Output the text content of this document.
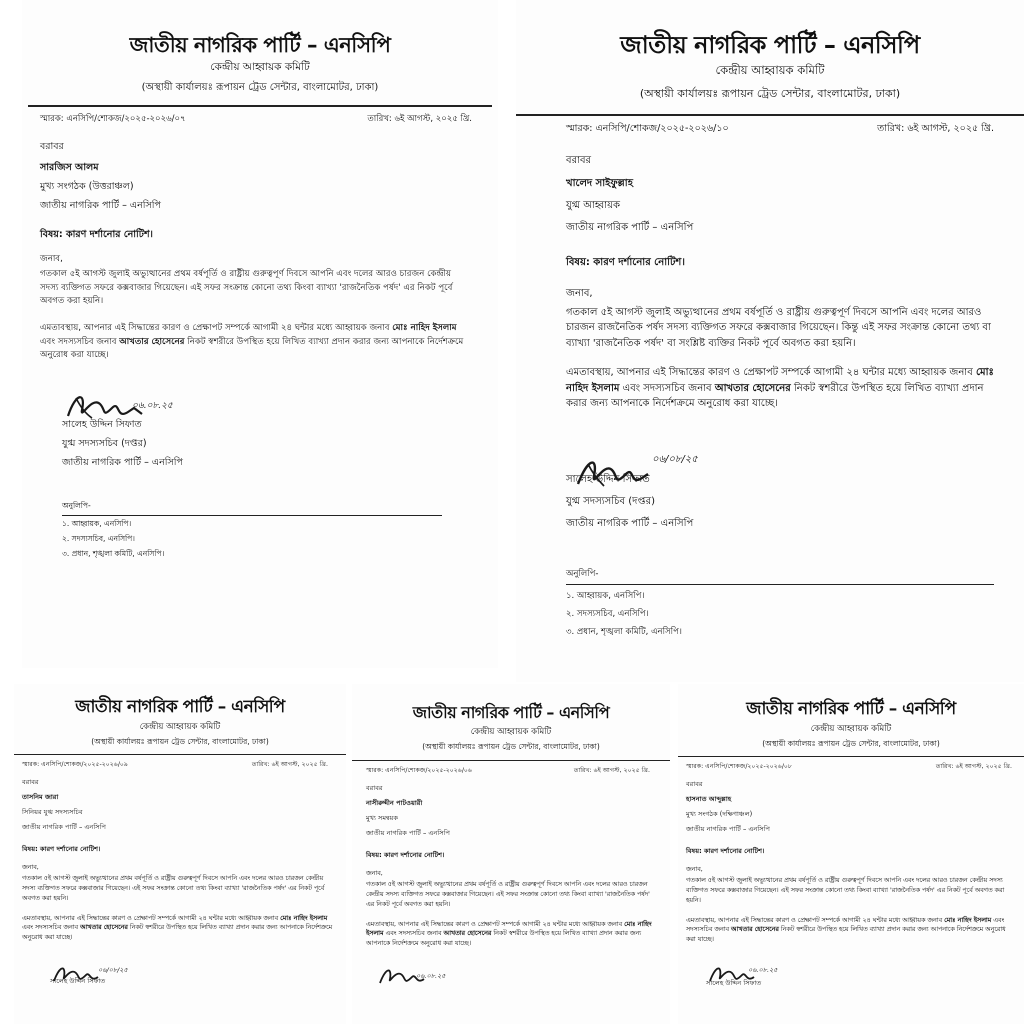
জাতীয় নাগরিক পার্টি – এনসিপি
কেন্দ্রীয় আহ্বায়ক কমিটি
(অস্থায়ী কার্যালয়ঃ রূপায়ন ট্রেড সেন্টার, বাংলামোটর, ঢাকা)
স্মারক: এনসিপি/শোকজ/২০২৫-২০২৬/০৭	তারিখ: ৬ই আগস্ট, ২০২৫ খ্রি.
বরাবর
সারজিস আলম
মুখ্য সংগঠক (উত্তরাঞ্চল)
জাতীয় নাগরিক পার্টি – এনসিপি
বিষয়: কারণ দর্শানোর নোটিশ।

জনাব,

গতকাল ৫ই আগস্ট জুলাই অভ্যুত্থানের প্রথম বর্ষপূর্তি ও রাষ্ট্রীয় গুরুত্বপূর্ণ দিবসে আপনি এবং দলের আরও চারজন কেন্দ্রীয় সদস্য ব্যক্তিগত সফরে কক্সবাজার গিয়েছেন। এই সফর সংক্রান্ত কোনো তথ্য কিংবা ব্যাখ্যা 'রাজনৈতিক পর্ষদ' এর নিকট পূর্বে অবগত করা হয়নি।

এমতাবস্থায়, আপনার এই সিদ্ধান্তের কারণ ও প্রেক্ষাপট সম্পর্কে আগামী ২৪ ঘন্টার মধ্যে আহ্বায়ক জনাব মোঃ নাহিদ ইসলাম এবং সদস্যসচিব জনাব আখতার হোসেনের নিকট স্বশরীরে উপস্থিত হয়ে লিখিত ব্যাখ্যা প্রদান করার জন্য আপনাকে নির্দেশক্রমে অনুরোধ করা যাচ্ছে।

০৬.০৮.২৫
সালেহ উদ্দিন সিফাত
যুগ্ম সদস্যসচিব (দপ্তর)
জাতীয় নাগরিক পার্টি – এনসিপি
অনুলিপি-
১. আহ্বায়ক, এনসিপি।
২. সদস্যসচিব, এনসিপি।
৩. প্রধান, শৃঙ্খলা কমিটি, এনসিপি।
জাতীয় নাগরিক পার্টি – এনসিপি
কেন্দ্রীয় আহ্বায়ক কমিটি
(অস্থায়ী কার্যালয়ঃ রূপায়ন ট্রেড সেন্টার, বাংলামোটর, ঢাকা)
স্মারক: এনসিপি/শোকজ/২০২৫-২০২৬/১০	তারিখ: ৬ই আগস্ট, ২০২৫ খ্রি.
বরাবর
খালেদ সাইফুল্লাহ
যুগ্ম আহ্বায়ক
জাতীয় নাগরিক পার্টি – এনসিপি
বিষয়: কারণ দর্শানোর নোটিশ।

জনাব,

গতকাল ৫ই আগস্ট জুলাই অভ্যুত্থানের প্রথম বর্ষপূর্তি ও রাষ্ট্রীয় গুরুত্বপূর্ণ দিবসে আপনি এবং দলের আরও চারজন রাজনৈতিক পর্ষদ সদস্য ব্যক্তিগত সফরে কক্সবাজার গিয়েছেন। কিন্তু এই সফর সংক্রান্ত কোনো তথ্য বা ব্যাখ্যা 'রাজনৈতিক পর্ষদ' বা সংশ্লিষ্ট ব্যক্তির নিকট পূর্বে অবগত করা হয়নি।

এমতাবস্থায়, আপনার এই সিদ্ধান্তের কারণ ও প্রেক্ষাপট সম্পর্কে আগামী ২৪ ঘন্টার মধ্যে আহ্বায়ক জনাব মোঃ নাহিদ ইসলাম এবং সদস্যসচিব জনাব আখতার হোসেনের নিকট স্বশরীরে উপস্থিত হয়ে লিখিত ব্যাখ্যা প্রদান করার জন্য আপনাকে নির্দেশক্রমে অনুরোধ করা যাচ্ছে।

০৬/০৮/২৫
সালেহ উদ্দিন সিফাত
যুগ্ম সদস্যসচিব (দপ্তর)
জাতীয় নাগরিক পার্টি – এনসিপি
অনুলিপি-
১. আহ্বায়ক, এনসিপি।
২. সদস্যসচিব, এনসিপি।
৩. প্রধান, শৃঙ্খলা কমিটি, এনসিপি।
জাতীয় নাগরিক পার্টি – এনসিপি
কেন্দ্রীয় আহ্বায়ক কমিটি
(অস্থায়ী কার্যালয়ঃ রূপায়ন ট্রেড সেন্টার, বাংলামোটর, ঢাকা)
স্মারক: এনসিপি/শোকজ/২০২৫-২০২৬/০৯	তারিখ: ৬ই আগস্ট, ২০২৫ খ্রি.
বরাবর
তাসনিম জারা
সিনিয়র যুগ্ম সদস্যসচিব
জাতীয় নাগরিক পার্টি – এনসিপি
বিষয়: কারণ দর্শানোর নোটিশ।

জনাব,

গতকাল ৫ই আগস্ট জুলাই অভ্যুত্থানের প্রথম বর্ষপূর্তি ও রাষ্ট্রীয় গুরুত্বপূর্ণ দিবসে আপনি এবং দলের আরও চারজন কেন্দ্রীয় সদস্য ব্যক্তিগত সফরে কক্সবাজার গিয়েছেন। এই সফর সংক্রান্ত কোনো তথ্য কিংবা ব্যাখ্যা 'রাজনৈতিক পর্ষদ' এর নিকট পূর্বে অবগত করা হয়নি।

এমতাবস্থায়, আপনার এই সিদ্ধান্তের কারণ ও প্রেক্ষাপট সম্পর্কে আগামী ২৪ ঘন্টার মধ্যে আহ্বায়ক জনাব মোঃ নাহিদ ইসলাম এবং সদস্যসচিব জনাব আখতার হোসেনের নিকট স্বশরীরে উপস্থিত হয়ে লিখিত ব্যাখ্যা প্রদান করার জন্য আপনাকে নির্দেশক্রমে অনুরোধ করা যাচ্ছে।

০৬/০৮/২৫
সালেহ উদ্দিন সিফাত
জাতীয় নাগরিক পার্টি – এনসিপি
কেন্দ্রীয় আহ্বায়ক কমিটি
(অস্থায়ী কার্যালয়ঃ রূপায়ন ট্রেড সেন্টার, বাংলামোটর, ঢাকা)
স্মারক: এনসিপি/শোকজ/২০২৫-২০২৬/০৬	তারিখ: ৬ই আগস্ট, ২০২৫ খ্রি.
বরাবর
নাসীরুদ্দীন পাটওয়ারী
মুখ্য সমন্বয়ক
জাতীয় নাগরিক পার্টি – এনসিপি
বিষয়: কারণ দর্শানোর নোটিশ।

জনাব,

গতকাল ৫ই আগস্ট জুলাই অভ্যুত্থানের প্রথম বর্ষপূর্তি ও রাষ্ট্রীয় গুরুত্বপূর্ণ দিবসে আপনি এবং দলের আরও চারজন কেন্দ্রীয় সদস্য ব্যক্তিগত সফরে কক্সবাজার গিয়েছেন। এই সফর সংক্রান্ত কোনো তথ্য কিংবা ব্যাখ্যা 'রাজনৈতিক পর্ষদ' এর নিকট পূর্বে অবগত করা হয়নি।

এমতাবস্থায়, আপনার এই সিদ্ধান্তের কারণ ও প্রেক্ষাপট সম্পর্কে আগামী ২৪ ঘন্টার মধ্যে আহ্বায়ক জনাব মোঃ নাহিদ ইসলাম এবং সদস্যসচিব জনাব আখতার হোসেনের নিকট স্বশরীরে উপস্থিত হয়ে লিখিত ব্যাখ্যা প্রদান করার জন্য আপনাকে নির্দেশক্রমে অনুরোধ করা যাচ্ছে।

০৬.০৮.২৫
জাতীয় নাগরিক পার্টি – এনসিপি
কেন্দ্রীয় আহ্বায়ক কমিটি
(অস্থায়ী কার্যালয়ঃ রূপায়ন ট্রেড সেন্টার, বাংলামোটর, ঢাকা)
স্মারক: এনসিপি/শোকজ/২০২৫-২০২৬/০৮	তারিখ: ৬ই আগস্ট, ২০২৫ খ্রি.
বরাবর
হাসনাত আব্দুল্লাহ
মুখ্য সংগঠক (দক্ষিণাঞ্চল)
জাতীয় নাগরিক পার্টি – এনসিপি
বিষয়: কারণ দর্শানোর নোটিশ।

জনাব,

গতকাল ৫ই আগস্ট জুলাই অভ্যুত্থানের প্রথম বর্ষপূর্তি ও রাষ্ট্রীয় গুরুত্বপূর্ণ দিবসে আপনি এবং দলের আরও চারজন কেন্দ্রীয় সদস্য ব্যক্তিগত সফরে কক্সবাজার গিয়েছেন। এই সফর সংক্রান্ত কোনো তথ্য কিংবা ব্যাখ্যা 'রাজনৈতিক পর্ষদ' এর নিকট পূর্বে অবগত করা হয়নি।

এমতাবস্থায়, আপনার এই সিদ্ধান্তের কারণ ও প্রেক্ষাপট সম্পর্কে আগামী ২৪ ঘন্টার মধ্যে আহ্বায়ক জনাব মোঃ নাহিদ ইসলাম এবং সদস্যসচিব জনাব আখতার হোসেনের নিকট স্বশরীরে উপস্থিত হয়ে লিখিত ব্যাখ্যা প্রদান করার জন্য আপনাকে নির্দেশক্রমে অনুরোধ করা যাচ্ছে।

০৬.০৮.২৫
সালেহ উদ্দিন সিফাত
